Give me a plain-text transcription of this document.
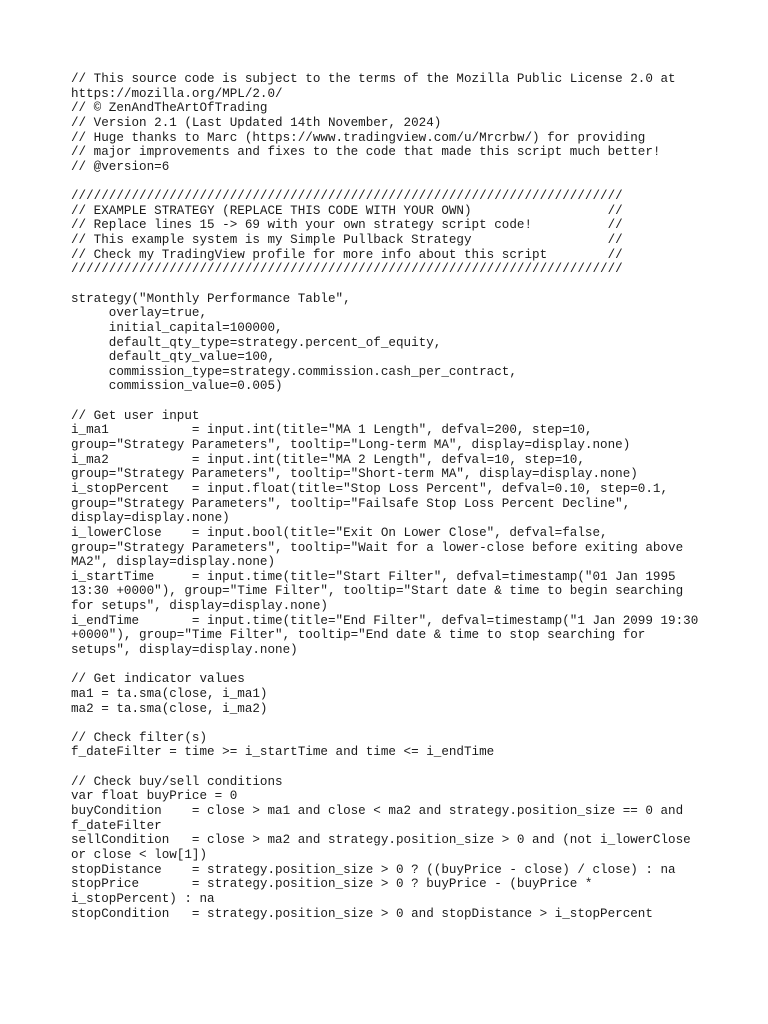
// This source code is subject to the terms of the Mozilla Public License 2.0 at
https://mozilla.org/MPL/2.0/
// © ZenAndTheArtOfTrading
// Version 2.1 (Last Updated 14th November, 2024)
// Huge thanks to Marc (https://www.tradingview.com/u/Mrcrbw/) for providing
// major improvements and fixes to the code that made this script much better!
// @version=6
/////////////////////////////////////////////////////////////////////////
// EXAMPLE STRATEGY (REPLACE THIS CODE WITH YOUR OWN)                  //
// Replace lines 15 -> 69 with your own strategy script code!          //
// This example system is my Simple Pullback Strategy                  //
// Check my TradingView profile for more info about this script        //
/////////////////////////////////////////////////////////////////////////
strategy("Monthly Performance Table",
overlay=true,
initial_capital=100000,
default_qty_type=strategy.percent_of_equity,
default_qty_value=100,
commission_type=strategy.commission.cash_per_contract,
commission_value=0.005)
// Get user input
i_ma1           = input.int(title="MA 1 Length", defval=200, step=10,
group="Strategy Parameters", tooltip="Long-term MA", display=display.none)
i_ma2           = input.int(title="MA 2 Length", defval=10, step=10,
group="Strategy Parameters", tooltip="Short-term MA", display=display.none)
i_stopPercent   = input.float(title="Stop Loss Percent", defval=0.10, step=0.1,
group="Strategy Parameters", tooltip="Failsafe Stop Loss Percent Decline",
display=display.none)
i_lowerClose    = input.bool(title="Exit On Lower Close", defval=false,
group="Strategy Parameters", tooltip="Wait for a lower-close before exiting above
MA2", display=display.none)
i_startTime     = input.time(title="Start Filter", defval=timestamp("01 Jan 1995
13:30 +0000"), group="Time Filter", tooltip="Start date & time to begin searching
for setups", display=display.none)
i_endTime       = input.time(title="End Filter", defval=timestamp("1 Jan 2099 19:30
+0000"), group="Time Filter", tooltip="End date & time to stop searching for
setups", display=display.none)
// Get indicator values
ma1 = ta.sma(close, i_ma1)
ma2 = ta.sma(close, i_ma2)
// Check filter(s)
f_dateFilter = time >= i_startTime and time <= i_endTime
// Check buy/sell conditions
var float buyPrice = 0
buyCondition    = close > ma1 and close < ma2 and strategy.position_size == 0 and
f_dateFilter
sellCondition   = close > ma2 and strategy.position_size > 0 and (not i_lowerClose
or close < low[1])
stopDistance    = strategy.position_size > 0 ? ((buyPrice - close) / close) : na
stopPrice       = strategy.position_size > 0 ? buyPrice - (buyPrice *
i_stopPercent) : na
stopCondition   = strategy.position_size > 0 and stopDistance > i_stopPercent
